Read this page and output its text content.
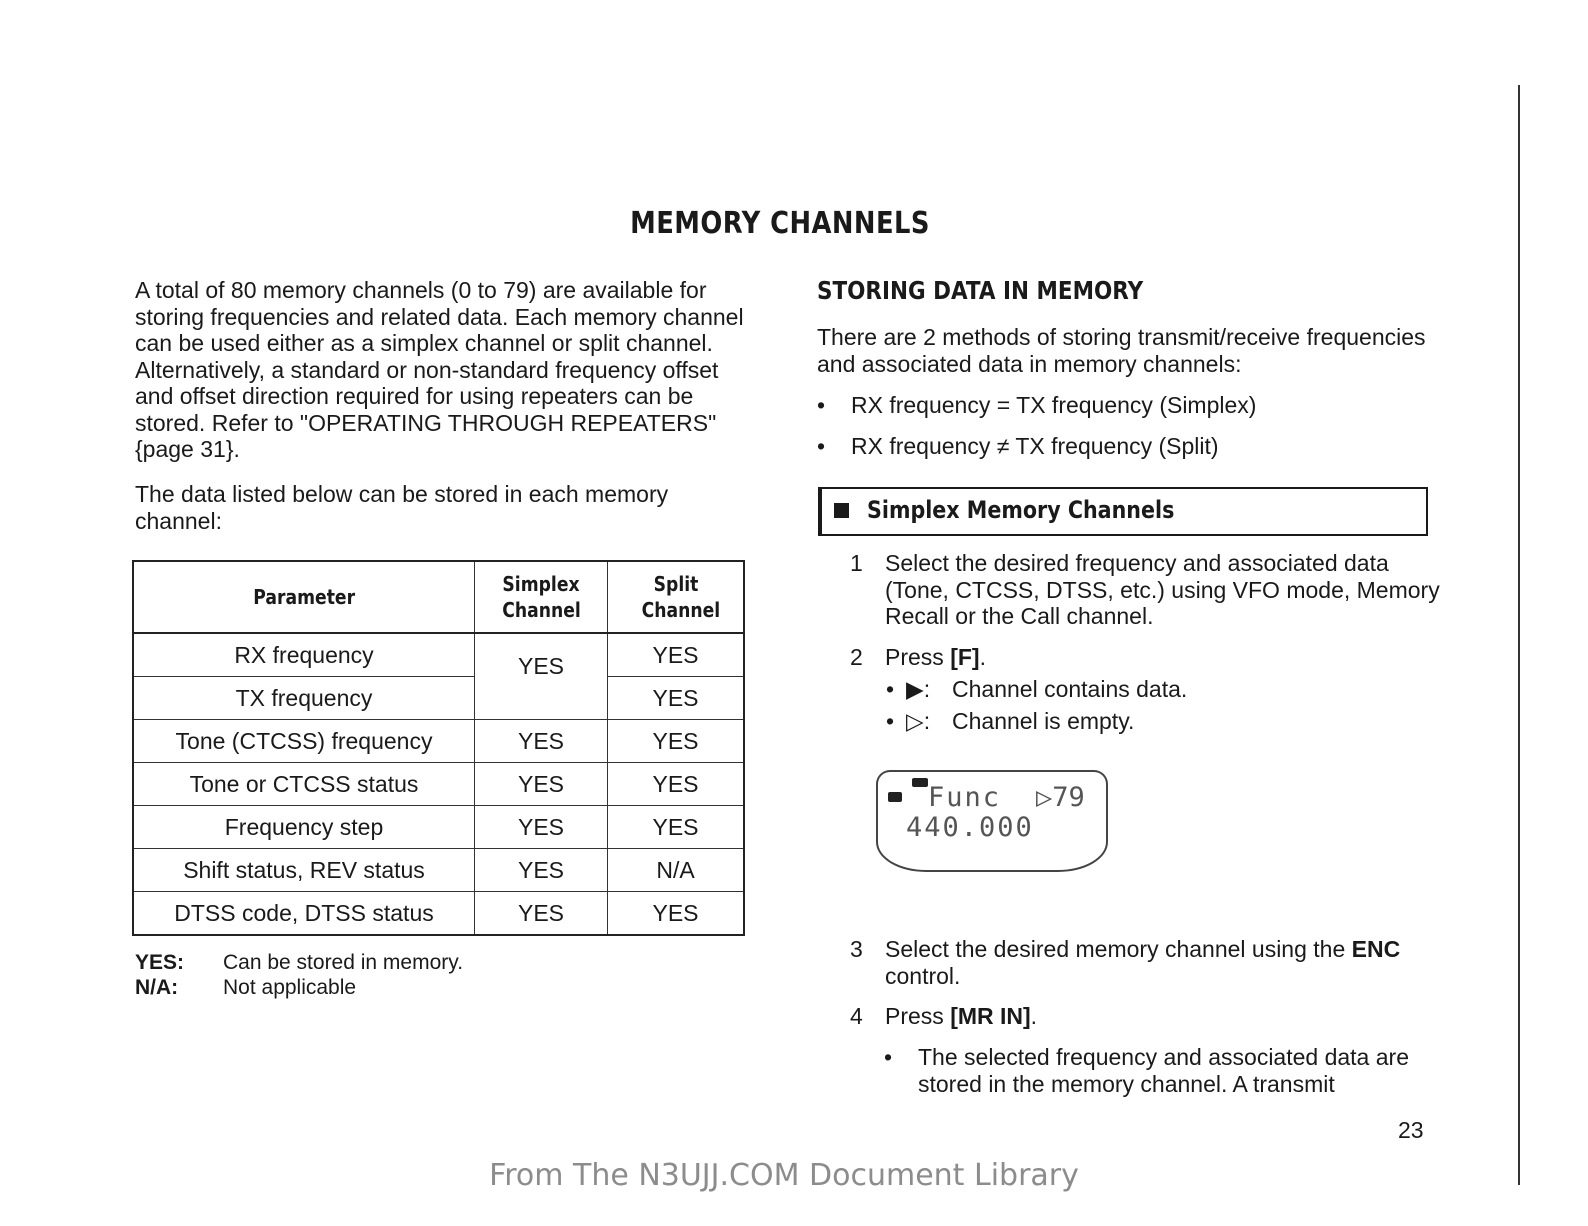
MEMORY CHANNELS
A total of 80 memory channels (0 to 79) are available for storing frequencies and related data. Each memory channel can be used either as a simplex channel or split channel. Alternatively, a standard or non-standard frequency offset and offset direction required for using repeaters can be stored. Refer to "OPERATING THROUGH REPEATERS" {page 31}.
The data listed below can be stored in each memory channel:
Parameter	Simplex Channel	Split Channel
RX frequency	YES	YES
TX frequency		YES
Tone (CTCSS) frequency	YES	YES
Tone or CTCSS status	YES	YES
Frequency step	YES	YES
Shift status, REV status	YES	N/A
DTSS code, DTSS status	YES	YES
YES: Can be stored in memory.
N/A: Not applicable
STORING DATA IN MEMORY
There are 2 methods of storing transmit/receive frequencies and associated data in memory channels:
• RX frequency = TX frequency (Simplex)
• RX frequency ≠ TX frequency (Split)
Simplex Memory Channels
1 Select the desired frequency and associated data (Tone, CTCSS, DTSS, etc.) using VFO mode, Memory Recall or the Call channel.
2 Press [F].
• ▶: Channel contains data.
• ▷: Channel is empty.
Func ▷79
440.000
3 Select the desired memory channel using the ENC control.
4 Press [MR IN].
• The selected frequency and associated data are stored in the memory channel. A transmit
23
From The N3UJJ.COM Document Library
